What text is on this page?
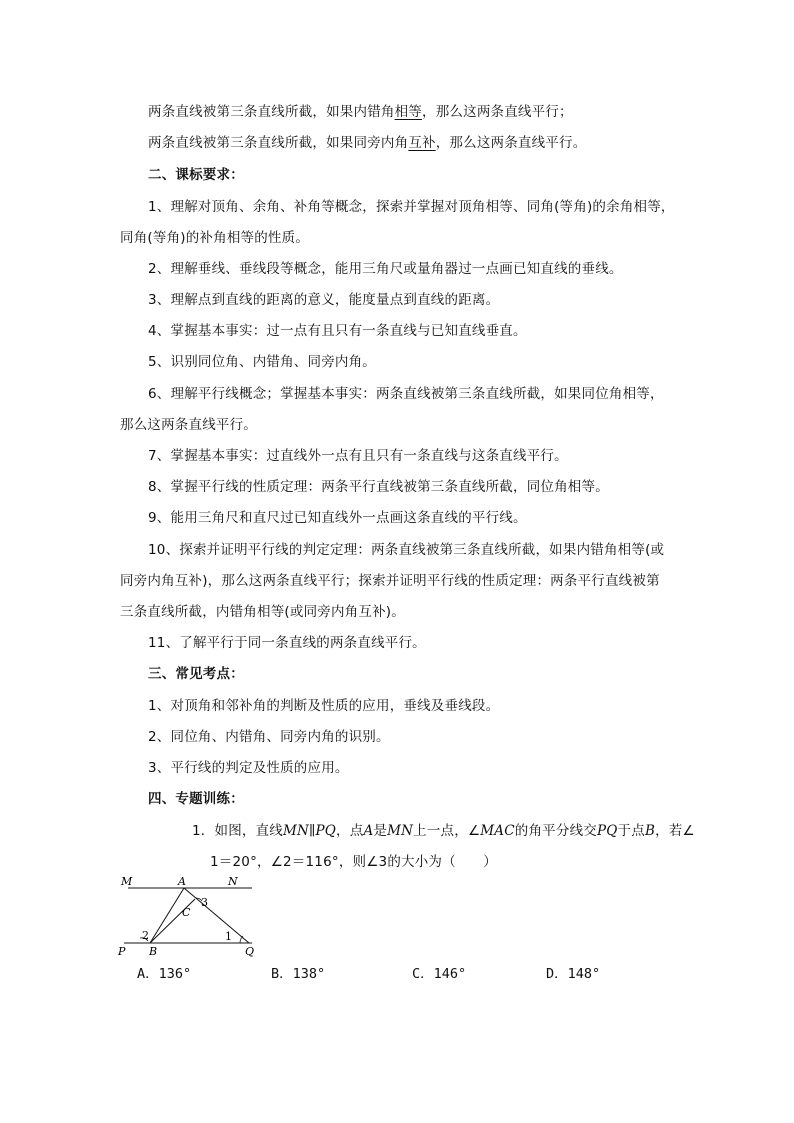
两条直线被第三条直线所截，如果内错角相等，那么这两条直线平行；
两条直线被第三条直线所截，如果同旁内角互补，那么这两条直线平行。
二、课标要求：
1、理解对顶角、余角、补角等概念，探索并掌握对顶角相等、同角(等角)的余角相等，
同角(等角)的补角相等的性质。
2、理解垂线、垂线段等概念，能用三角尺或量角器过一点画已知直线的垂线。
3、理解点到直线的距离的意义，能度量点到直线的距离。
4、掌握基本事实：过一点有且只有一条直线与已知直线垂直。
5、识别同位角、内错角、同旁内角。
6、理解平行线概念；掌握基本事实：两条直线被第三条直线所截，如果同位角相等，
那么这两条直线平行。
7、掌握基本事实：过直线外一点有且只有一条直线与这条直线平行。
8、掌握平行线的性质定理：两条平行直线被第三条直线所截，同位角相等。
9、能用三角尺和直尺过已知直线外一点画这条直线的平行线。
10、探索并证明平行线的判定定理：两条直线被第三条直线所截，如果内错角相等(或
同旁内角互补)，那么这两条直线平行；探索并证明平行线的性质定理：两条平行直线被第
三条直线所截，内错角相等(或同旁内角互补)。
11、了解平行于同一条直线的两条直线平行。
三、常见考点：
1、对顶角和邻补角的判断及性质的应用，垂线及垂线段。
2、同位角、内错角、同旁内角的识别。
3、平行线的判定及性质的应用。
四、专题训练：
1．如图，直线MN∥PQ，点A是MN上一点，∠MAC的角平分线交PQ于点B，若∠
1＝20°，∠2＝116°，则∠3的大小为（　　）
M	A	N
C
3
2	1
P B	Q
A．136°	B．138°	C．146°	D．148°
